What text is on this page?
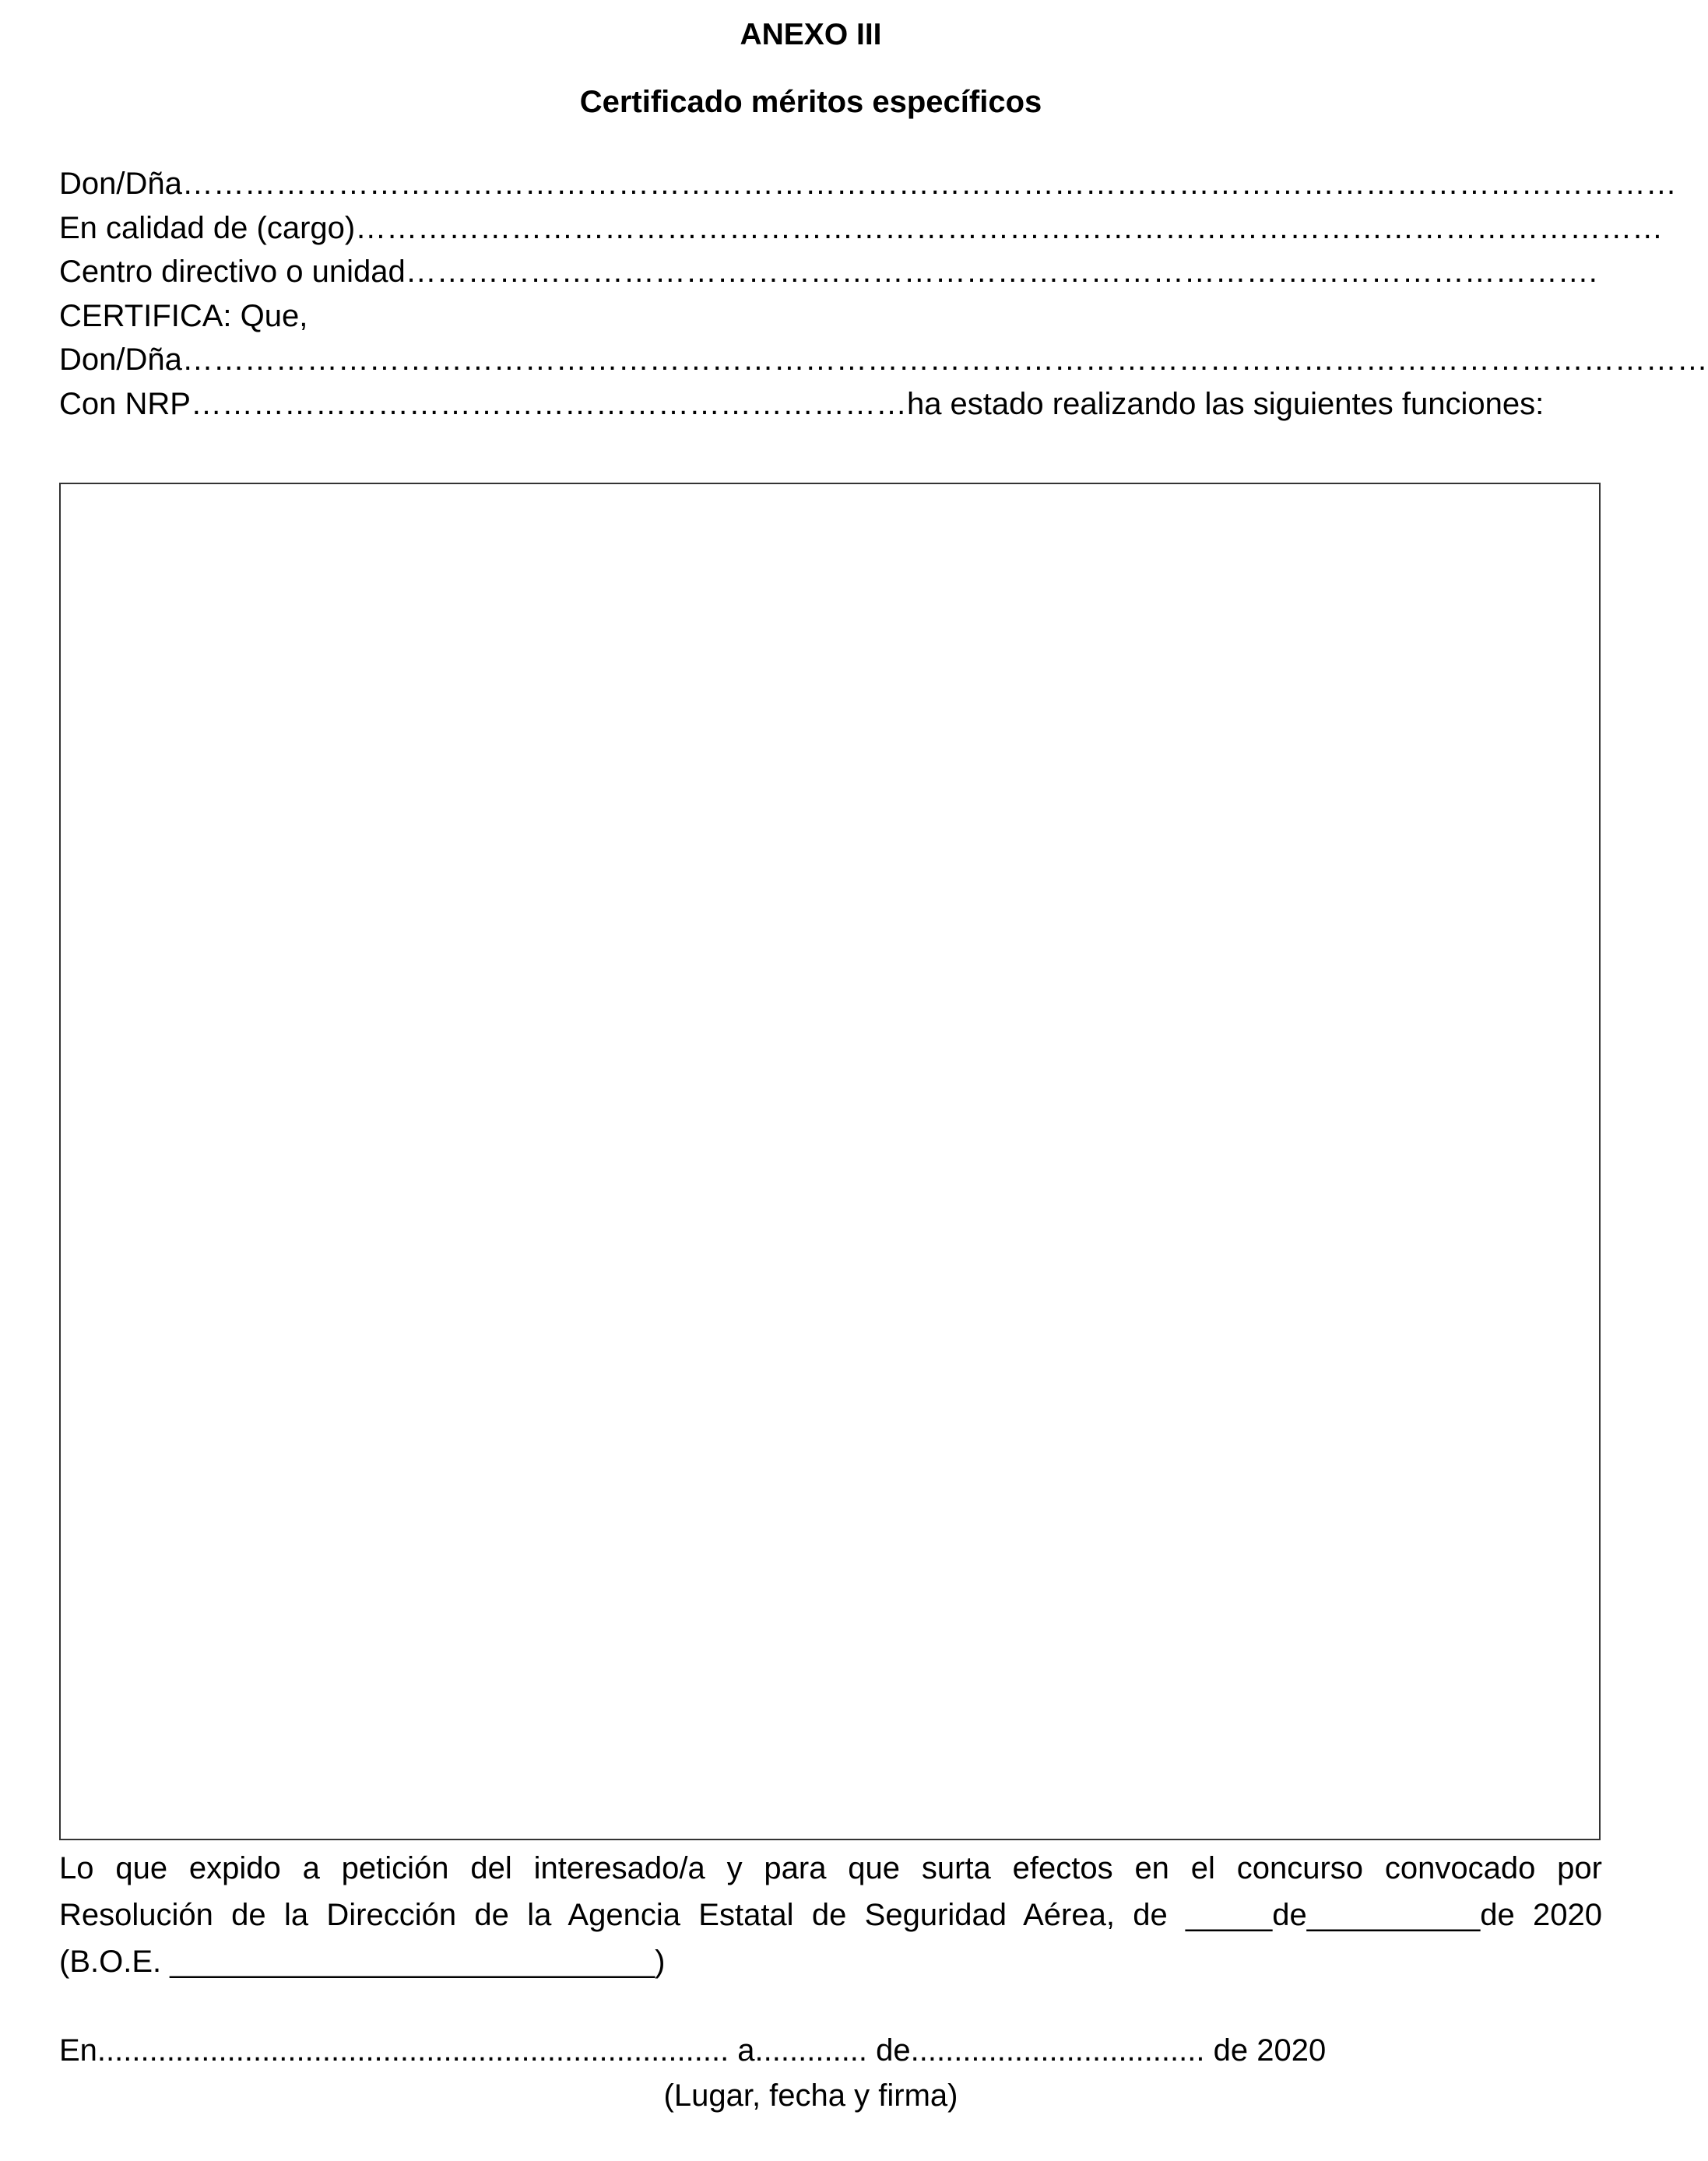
ANEXO III
Certificado méritos específicos
Don/Dña………………………………………………………………………………………………………………………………
En calidad de (cargo)………………………………………………………………………………………………………………
Centro directivo o unidad…………………………………………………………………………………………………….
CERTIFICA: Que,
Don/Dña…………………………………………………………………………………………………………………………………
Con NRP……………………………………………………………ha estado realizando las siguientes funciones:
Lo que expido a petición del interesado/a y para que surta efectos en el concurso convocado por
Resolución de la Dirección de la Agencia Estatal de Seguridad Aérea, de _____de__________de 2020
(B.O.E. ____________________________)
En......................................................................... a............. de.................................. de 2020
(Lugar, fecha y firma)
